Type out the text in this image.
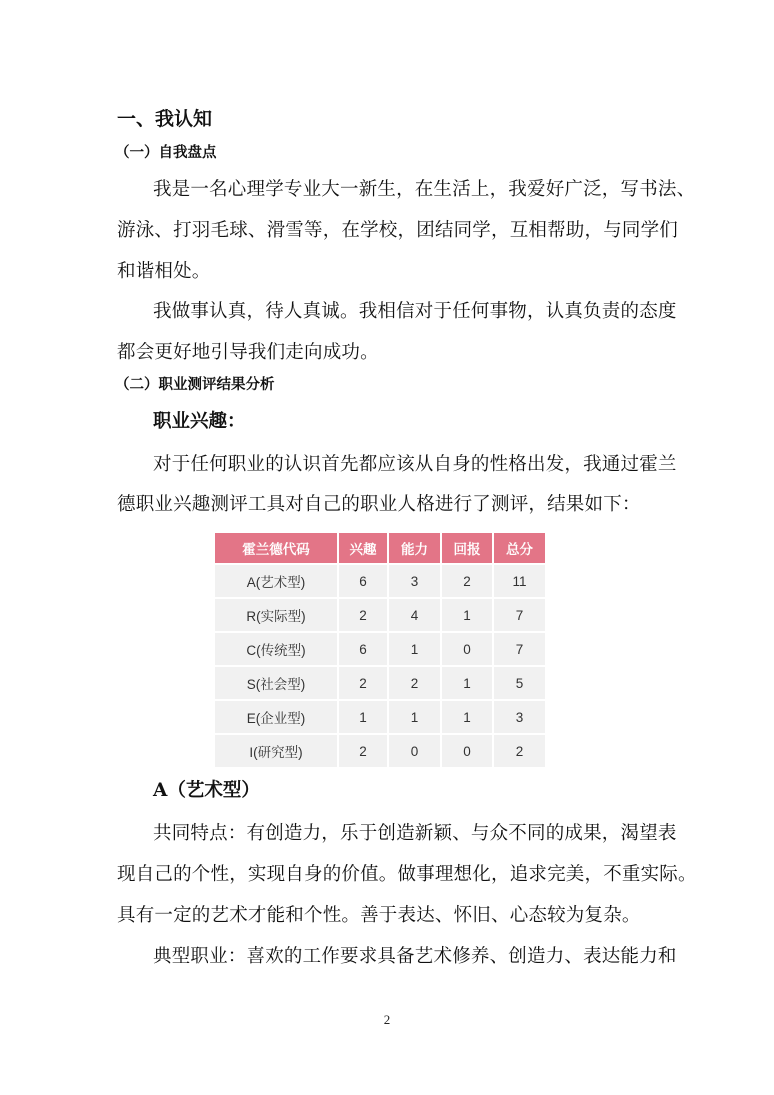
一、我认知
（一）自我盘点
我是一名心理学专业大一新生，在生活上，我爱好广泛，写书法、
游泳、打羽毛球、滑雪等，在学校，团结同学，互相帮助，与同学们
和谐相处。
我做事认真，待人真诚。我相信对于任何事物，认真负责的态度
都会更好地引导我们走向成功。
（二）职业测评结果分析
职业兴趣：
对于任何职业的认识首先都应该从自身的性格出发，我通过霍兰
德职业兴趣测评工具对自己的职业人格进行了测评，结果如下：
霍兰德代码	兴趣	能力	回报	总分
A(艺术型)	6	3	2	11
R(实际型)	2	4	1	7
C(传统型)	6	1	0	7
S(社会型)	2	2	1	5
E(企业型)	1	1	1	3
I(研究型)	2	0	0	2
A（艺术型）
共同特点：有创造力，乐于创造新颖、与众不同的成果，渴望表
现自己的个性，实现自身的价值。做事理想化，追求完美，不重实际。
具有一定的艺术才能和个性。善于表达、怀旧、心态较为复杂。
典型职业：喜欢的工作要求具备艺术修养、创造力、表达能力和
2
